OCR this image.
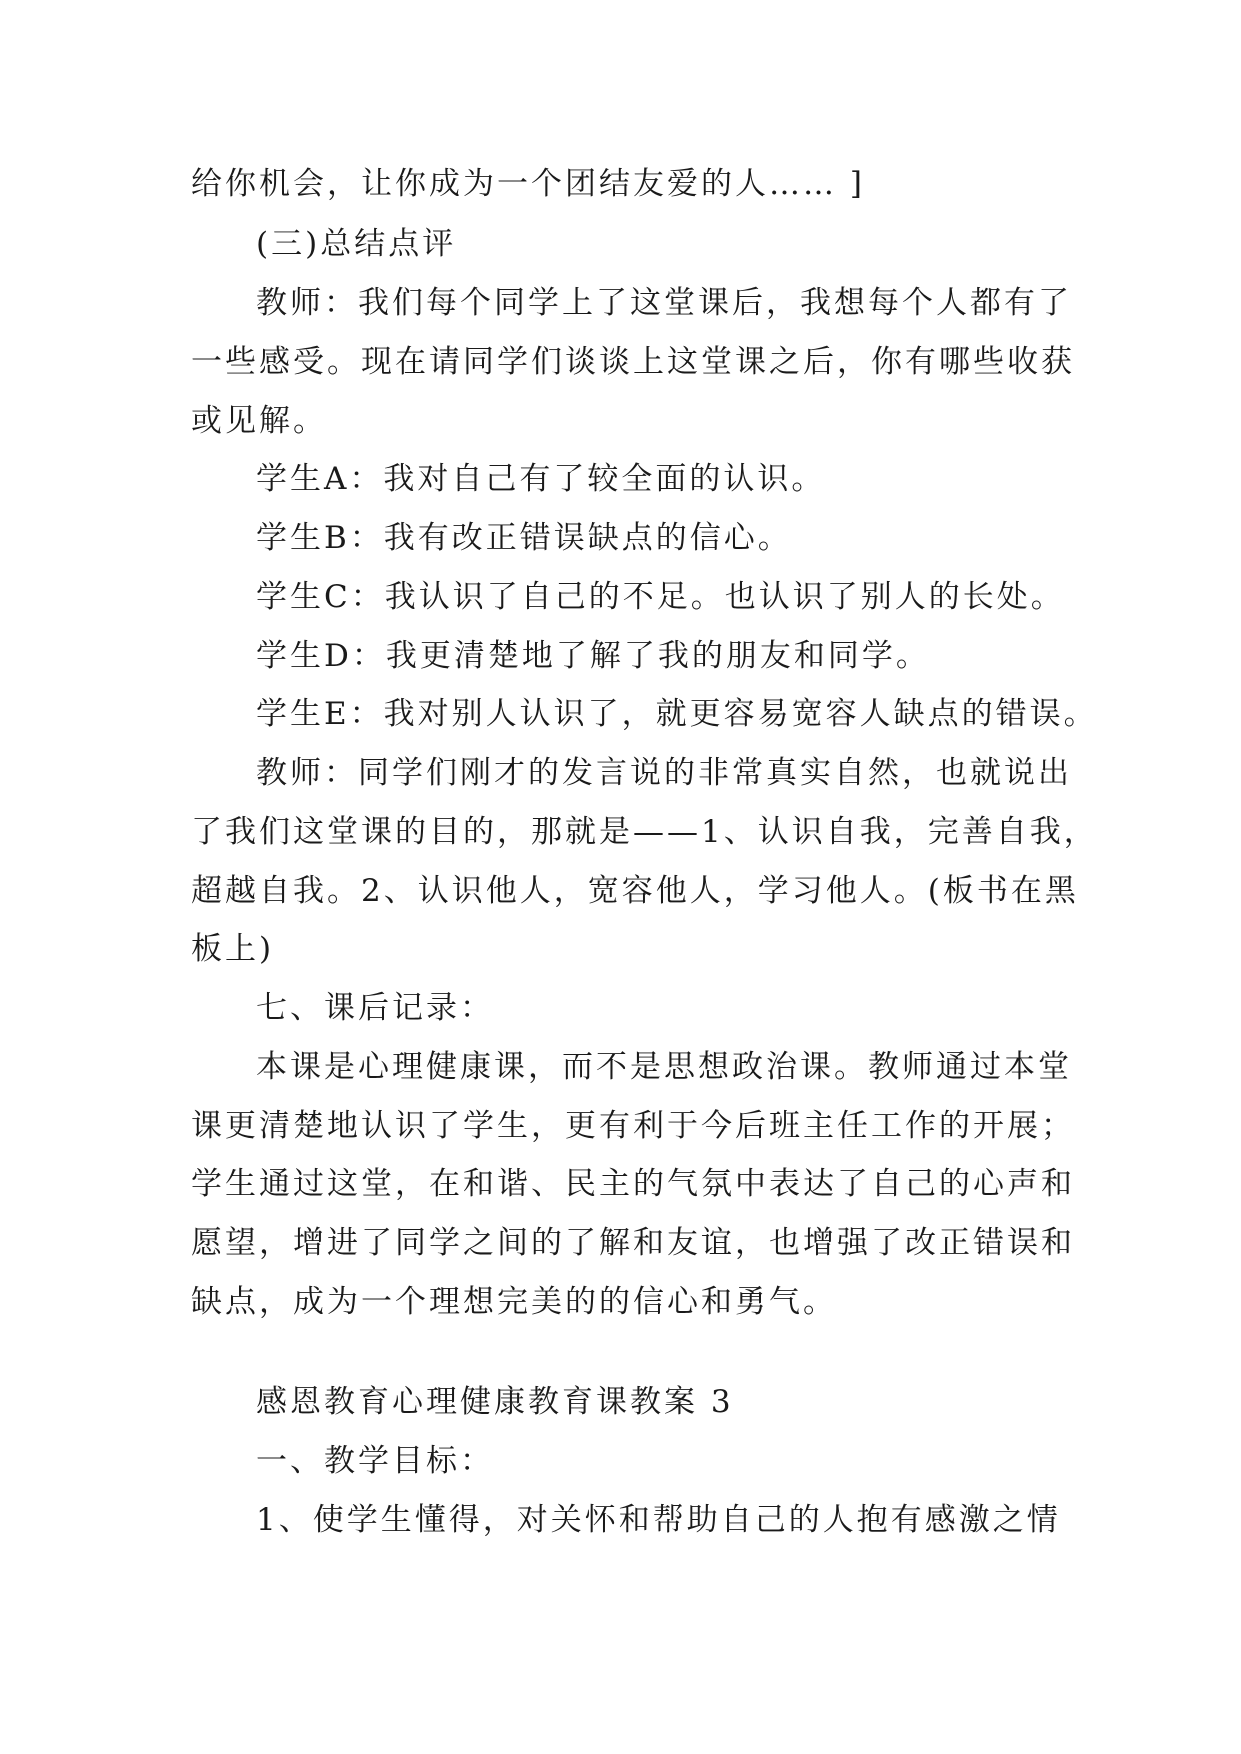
给你机会，让你成为一个团结友爱的人…… ]
(三)总结点评
教师：我们每个同学上了这堂课后，我想每个人都有了
一些感受。现在请同学们谈谈上这堂课之后，你有哪些收获
或见解。
学生A：我对自己有了较全面的认识。
学生B：我有改正错误缺点的信心。
学生C：我认识了自己的不足。也认识了别人的长处。
学生D：我更清楚地了解了我的朋友和同学。
学生E：我对别人认识了，就更容易宽容人缺点的错误。
教师：同学们刚才的发言说的非常真实自然，也就说出
了我们这堂课的目的，那就是——1、认识自我，完善自我，
超越自我。2、认识他人，宽容他人，学习他人。(板书在黑
板上)
七、课后记录：
本课是心理健康课，而不是思想政治课。教师通过本堂
课更清楚地认识了学生，更有利于今后班主任工作的开展；
学生通过这堂，在和谐、民主的气氛中表达了自己的心声和
愿望，增进了同学之间的了解和友谊，也增强了改正错误和
缺点，成为一个理想完美的的信心和勇气。
感恩教育心理健康教育课教案 3
一、教学目标：
1、使学生懂得，对关怀和帮助自己的人抱有感激之情
